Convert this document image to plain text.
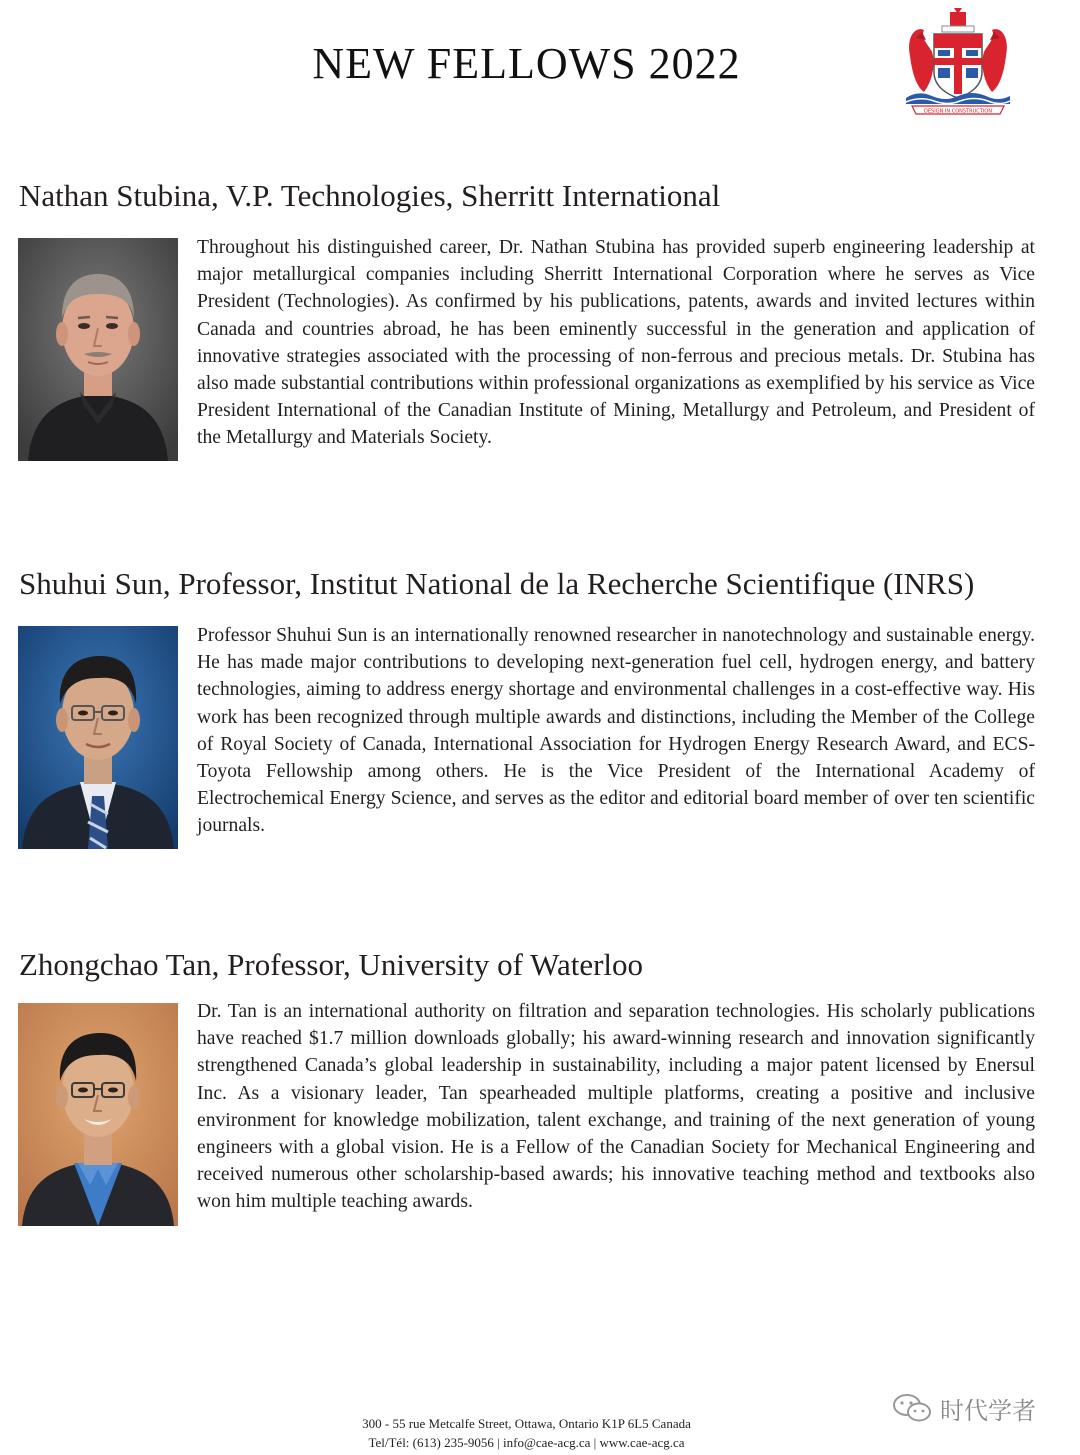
NEW FELLOWS 2022
DESIGN IN CONSTRUCTION
Nathan Stubina, V.P. Technologies, Sherritt International
Throughout his distinguished career, Dr. Nathan Stubina has provided superb engineering leadership at major metallurgical companies including Sherritt International Corporation where he serves as Vice President (Technologies). As confirmed by his publications, patents, awards and invited lectures within Canada and countries abroad, he has been eminently successful in the generation and application of innovative strategies associated with the processing of non-ferrous and precious metals. Dr. Stubina has also made substantial contributions within professional organizations as exemplified by his service as Vice President International of the Canadian Institute of Mining, Metallurgy and Petroleum, and President of the Metallurgy and Materials Society.
Shuhui Sun, Professor, Institut National de la Recherche Scientifique (INRS)
Professor Shuhui Sun is an internationally renowned researcher in nanotechnology and sustainable energy. He has made major contributions to developing next-generation fuel cell, hydrogen energy, and battery technologies, aiming to address energy shortage and environmental challenges in a cost-effective way. His work has been recognized through multiple awards and distinctions, including the Member of the College of Royal Society of Canada, International Association for Hydrogen Energy Research Award, and ECS-Toyota Fellowship among others. He is the Vice President of the International Academy of Electrochemical Energy Science, and serves as the editor and editorial board member of over ten scientific journals.
Zhongchao Tan, Professor, University of Waterloo
Dr. Tan is an international authority on filtration and separation technologies. His scholarly publications have reached $1.7 million downloads globally; his award-winning research and innovation significantly strengthened Canada’s global leadership in sustainability, including a major patent licensed by Enersul Inc. As a visionary leader, Tan spearheaded multiple platforms, creating a positive and inclusive environment for knowledge mobilization, talent exchange, and training of the next generation of young engineers with a global vision. He is a Fellow of the Canadian Society for Mechanical Engineering and received numerous other scholarship-based awards; his innovative teaching method and textbooks also won him multiple teaching awards.
300 - 55 rue Metcalfe Street, Ottawa, Ontario K1P 6L5 Canada
Tel/Tél: (613) 235-9056 | info@cae-acg.ca | www.cae-acg.ca
时代学者
